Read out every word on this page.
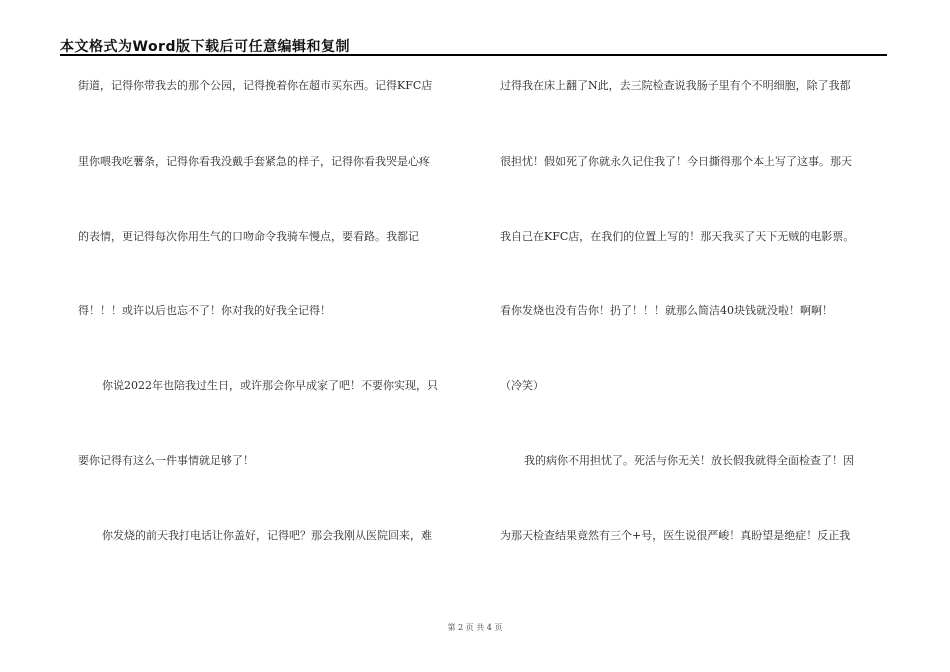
本文格式为Word版下载后可任意编辑和复制
街道，记得你带我去的那个公园，记得挽着你在超市买东西。记得KFC店
里你喂我吃薯条，记得你看我没戴手套紧急的样子，记得你看我哭是心疼
的表情，更记得每次你用生气的口吻命令我骑车慢点，要看路。我都记
得！！！或许以后也忘不了！你对我的好我全记得！
你说2022年也陪我过生日，或许那会你早成家了吧！不要你实现，只
要你记得有这么一件事情就足够了！
你发烧的前天我打电话让你盖好，记得吧？那会我刚从医院回来，难
过得我在床上翻了N此，去三院检查说我肠子里有个不明细胞，除了我都
很担忧！假如死了你就永久记住我了！今日撕得那个本上写了这事。那天
我自己在KFC店，在我们的位置上写的！那天我买了天下无贼的电影票。
看你发烧也没有告你！扔了！！！就那么简洁40块钱就没啦！啊啊！
（冷笑）
我的病你不用担忧了。死活与你无关！放长假我就得全面检查了！因
为那天检查结果竟然有三个+号，医生说很严峻！真盼望是绝症！反正我
第 2 页 共 4 页
